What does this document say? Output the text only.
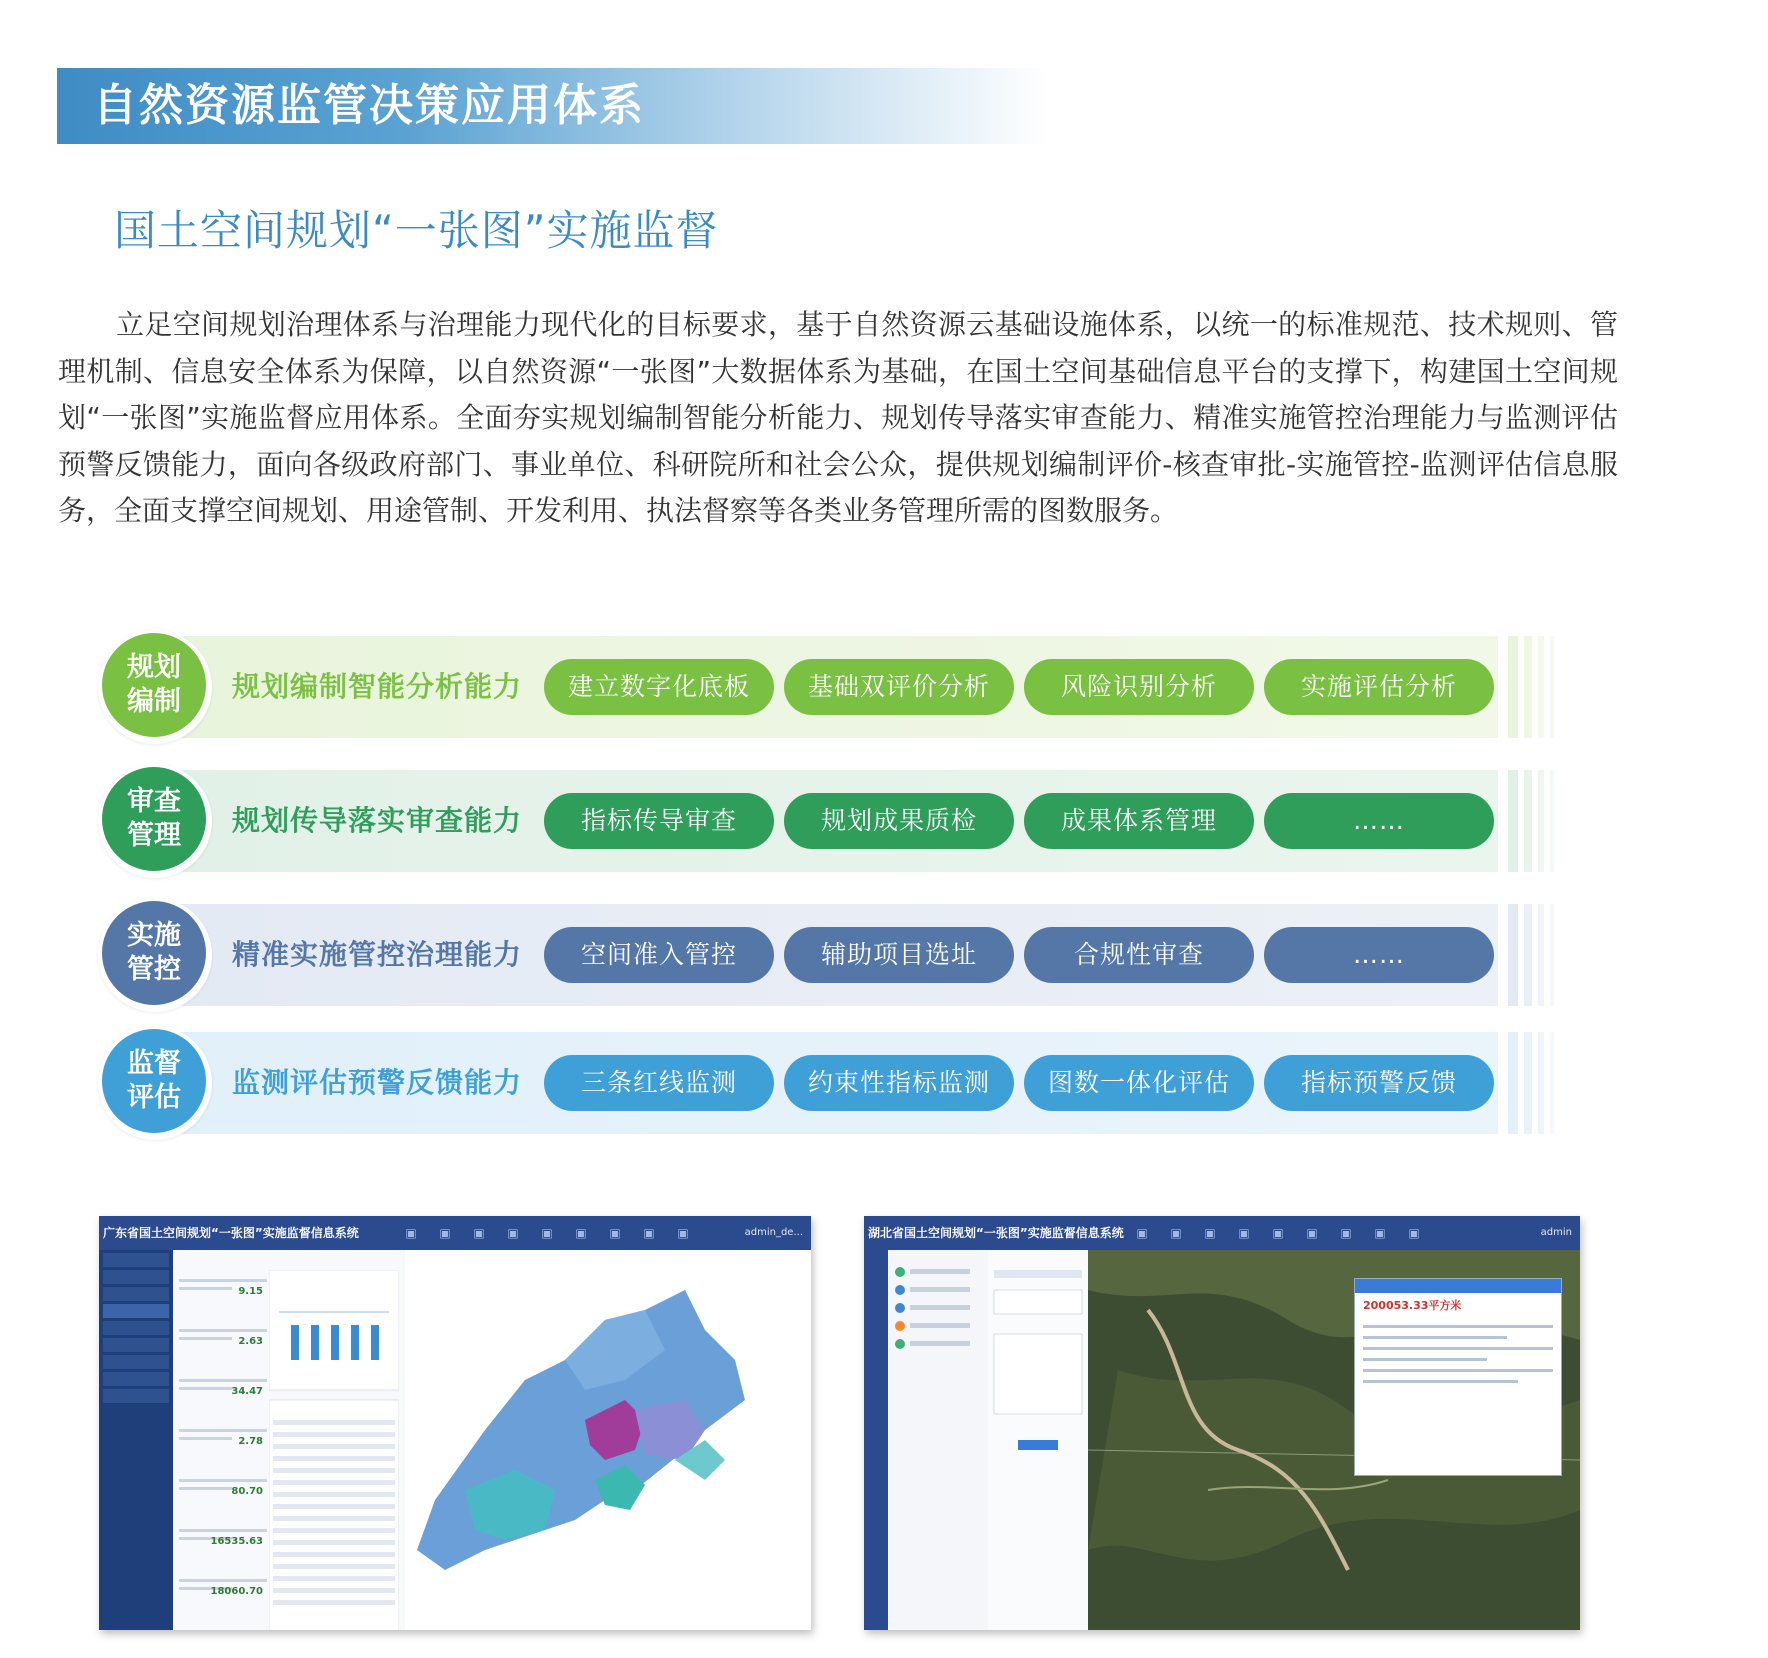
自然资源监管决策应用体系
国土空间规划“一张图”实施监督
立足空间规划治理体系与治理能力现代化的目标要求，基于自然资源云基础设施体系，以统一的标准规范、技术规则、管理机制、信息安全体系为保障，以自然资源“一张图”大数据体系为基础，在国土空间基础信息平台的支撑下，构建国土空间规划“一张图”实施监督应用体系。全面夯实规划编制智能分析能力、规划传导落实审查能力、精准实施管控治理能力与监测评估预警反馈能力，面向各级政府部门、事业单位、科研院所和社会公众，提供规划编制评价-核查审批-实施管控-监测评估信息服务，全面支撑空间规划、用途管制、开发利用、执法督察等各类业务管理所需的图数服务。
规划
编制 规划编制智能分析能力	建立数字化底板	基础双评价分析	风险识别分析	实施评估分析
审查
管理 规划传导落实审查能力	指标传导审查	规划成果质检	成果体系管理	……
实施
管控 精准实施管控治理能力	空间准入管控	辅助项目选址	合规性审查	……
监督
评估 监测评估预警反馈能力	三条红线监测	约束性指标监测	图数一体化评估	指标预警反馈
广东省国土空间规划“一张图”实施监督信息系统	▣	▣	▣	▣	▣	▣	▣	▣	▣	admin_de...
9.15
2.63
34.47
2.78
80.70
16535.63
18060.70
湖北省国土空间规划“一张图”实施监督信息系统	▣	▣	▣	▣	▣	▣	▣	▣	▣	admin
200053.33平方米
